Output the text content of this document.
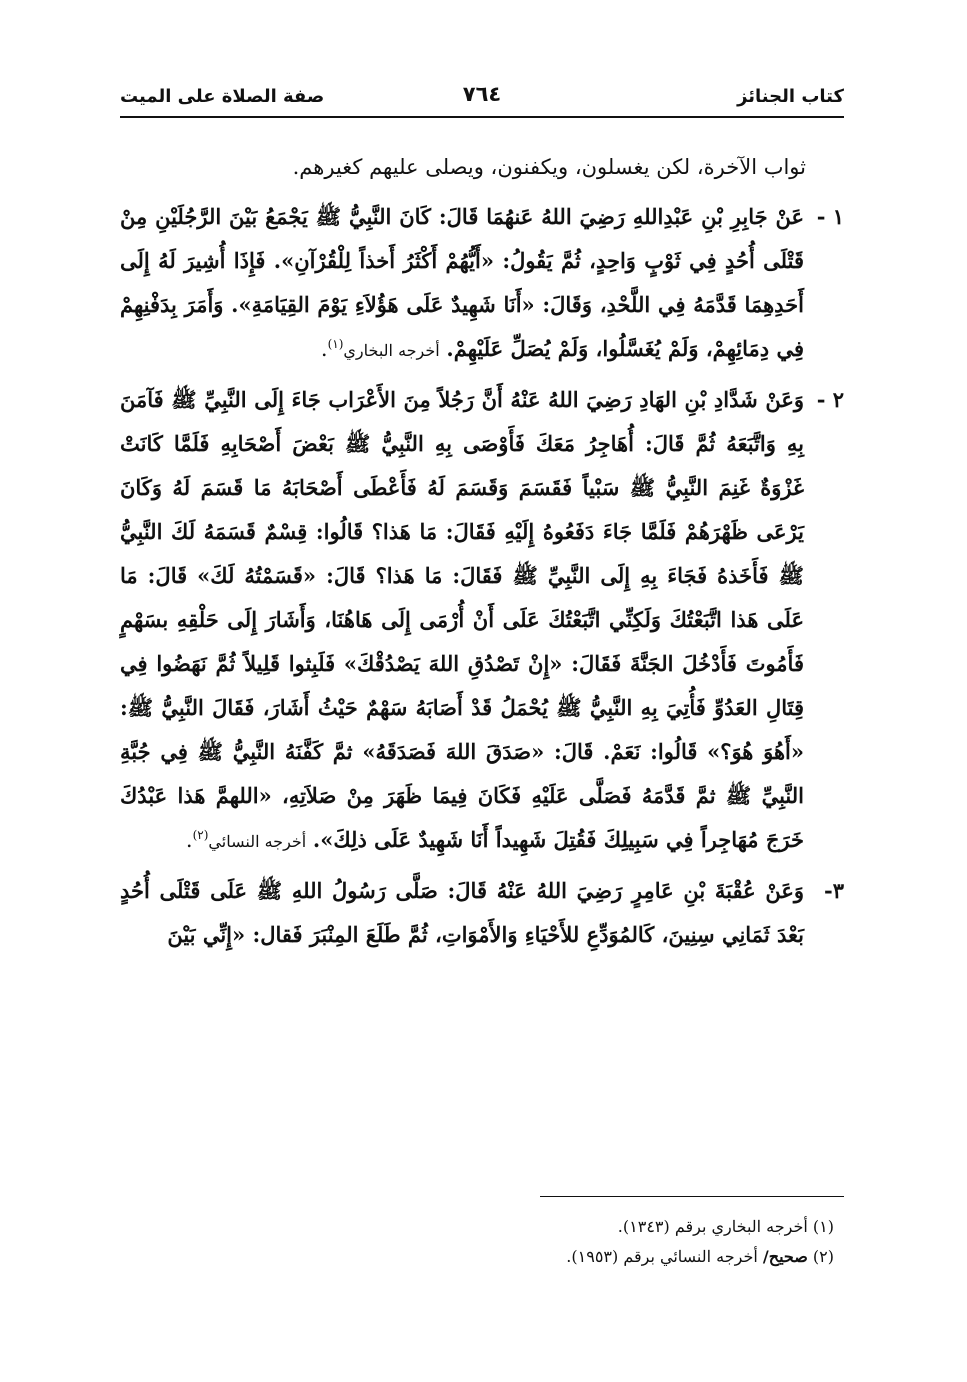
كتاب الجنائز
٧٦٤
صفة الصلاة على الميت

ثواب الآخرة، لكن يغسلون، ويكفنون، ويصلى عليهم كغيرهم.

١ -
عَنْ جَابِرِ بْنِ عَبْدِاللهِ رَضِيَ اللهُ عَنهُمَا قَالَ: كَانَ النَّبِيُّ ﷺ يَجْمَعُ بَيْنَ الرَّجُلَيْنِ مِنْ قَتْلَى أُحُدٍ فِي ثَوْبٍ وَاحِدٍ، ثُمَّ يَقُولُ: «أَيُّهُمْ أَكْثَرُ أَخذاً لِلْقُرْآنِ». فَإِذَا أُشِيرَ لَهُ إِلَى أَحَدِهِمَا قَدَّمَهُ فِي اللَّحْدِ، وَقَالَ: «أَنَا شَهِيدٌ عَلَى هَؤُلاَءِ يَوْمَ القِيَامَةِ». وَأَمَرَ بِدَفْنِهِمْ فِي دِمَائِهِمْ، وَلَمْ يُغَسَّلُوا، وَلَمْ يُصَلِّ عَلَيْهِمْ. أخرجه البخاري$^{(١)}$.
٢ -
وَعَنْ شَدَّادِ بْنِ الهَادِ رَضِيَ اللهُ عَنْهُ أَنَّ رَجُلاً مِنَ الأَعْرَاب جَاءَ إِلَى النَّبِيِّ ﷺ فَآمَنَ بِهِ وَاتَّبَعَهُ ثُمَّ قَالَ: أُهَاجِرُ مَعَكَ فَأَوْصَى بِهِ النَّبِيُّ ﷺ بَعْضَ أَصْحَابِهِ فَلَمَّا كَانَتْ غَزْوَةٌ غَنِمَ النَّبِيُّ ﷺ سَبْياً فَقَسَمَ وَقَسَمَ لَهُ فَأَعْطَى أَصْحَابَهُ مَا قَسَمَ لَهُ وَكَانَ يَرْعَى ظَهْرَهُمْ فَلَمَّا جَاءَ دَفَعُوهُ إِلَيْهِ فَقَالَ: مَا هَذا؟ قَالُوا: قِسْمٌ قَسَمَهُ لَكَ النَّبِيُّ ﷺ فَأَخَذهُ فَجَاءَ بِهِ إِلَى النَّبِيِّ ﷺ فَقَالَ: مَا هَذا؟ قَالَ: «قَسَمْتُهُ لَكَ» قَالَ: مَا عَلَى هَذا اتَّبَعْتُكَ وَلَكِنِّي اتَّبَعْتُكَ عَلَى أَنْ أُرْمَى إِلَى هَاهُنَا، وَأَشَارَ إِلَى حَلْقِهِ بسَهْمٍ فَأَمُوتَ فَأَدْخُلَ الجَنَّةَ فَقَالَ: «إِنْ تَصْدُقِ اللهَ يَصْدُقْكَ» فَلَبِثوا قَلِيلاً ثُمَّ نَهَضُوا فِي قِتَالِ العَدُوِّ فَأُتِيَ بِهِ النَّبِيُّ ﷺ يُحْمَلُ قَدْ أَصَابَهُ سَهْمٌ حَيْثُ أَشَارَ، فَقَالَ النَّبِيُّ ﷺ: «أَهُوَ هُوَ؟» قَالُوا: نَعَمْ. قَالَ: «صَدَقَ اللهَ فَصَدَقَهُ» ثمَّ كَفَّنَهُ النَّبِيُّ ﷺ فِي جُبَّةِ النَّبِيِّ ﷺ ثمَّ قَدَّمَهُ فَصَلَّى عَلَيْهِ فَكَانَ فِيمَا ظَهَرَ مِنْ صَلاَتِهِ، «اللهمَّ هَذا عَبْدُكَ خَرَجَ مُهَاجِراً فِي سَبِيلِكَ فَقُتِلَ شَهِيداً أَنَا شَهِيدٌ عَلَى ذلِكَ». أخرجه النسائي$^{(٢)}$.
٣-
وَعَنْ عُقْبَةَ بْنِ عَامِرٍ رَضِيَ اللهُ عَنْهُ قَالَ: صَلَّى رَسُولُ اللهِ ﷺ عَلَى قَتْلَى أُحُدٍ بَعْدَ ثَمَانِي سِنِينَ، كَالمُوَدِّعِ للأَحْيَاءِ وَالأَمْوَاتِ، ثُمَّ طَلَعَ المِنْبَرَ فَقال: «إِنِّي بَيْنَ
(١) أخرجه البخاري برقم (١٣٤٣).
(٢) صحيح/ أخرجه النسائي برقم (١٩٥٣).
